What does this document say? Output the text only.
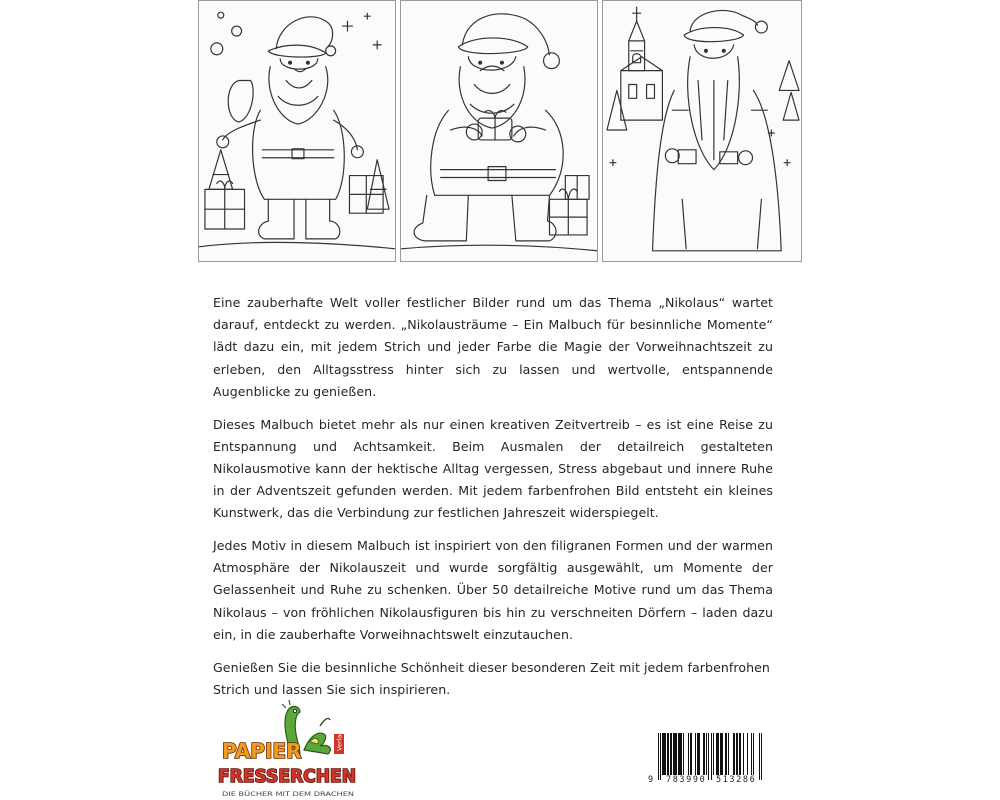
Eine zauberhafte Welt voller festlicher Bilder rund um das Thema „Nikolaus“ wartet darauf, entdeckt zu werden. „Nikolausträume – Ein Malbuch für besinnliche Momente“ lädt dazu ein, mit jedem Strich und jeder Farbe die Magie der Vorweihnachtszeit zu erleben, den Alltagsstress hinter sich zu lassen und wertvolle, entspannende Augenblicke zu genießen.

Dieses Malbuch bietet mehr als nur einen kreativen Zeitvertreib – es ist eine Reise zu Entspannung und Achtsamkeit. Beim Ausmalen der detailreich gestalteten Nikolausmotive kann der hektische Alltag vergessen, Stress abgebaut und innere Ruhe in der Adventszeit gefunden werden. Mit jedem farbenfrohen Bild entsteht ein kleines Kunstwerk, das die Verbindung zur festlichen Jahreszeit widerspiegelt.

Jedes Motiv in diesem Malbuch ist inspiriert von den filigranen Formen und der warmen Atmosphäre der Nikolauszeit und wurde sorgfältig ausgewählt, um Momente der Gelassenheit und Ruhe zu schenken. Über 50 detailreiche Motive rund um das Thema Nikolaus – von fröhlichen Nikolausfiguren bis hin zu verschneiten Dörfern – laden dazu ein, in die zauberhafte Vorweihnachtswelt einzutauchen.

Genießen Sie die besinnliche Schönheit dieser besonderen Zeit mit jedem farbenfrohen Strich und lassen Sie sich inspirieren.

Verlag
PAPIER
FRESSERCHEN
DIE BÜCHER MIT DEM DRACHEN
9 783990 513286
